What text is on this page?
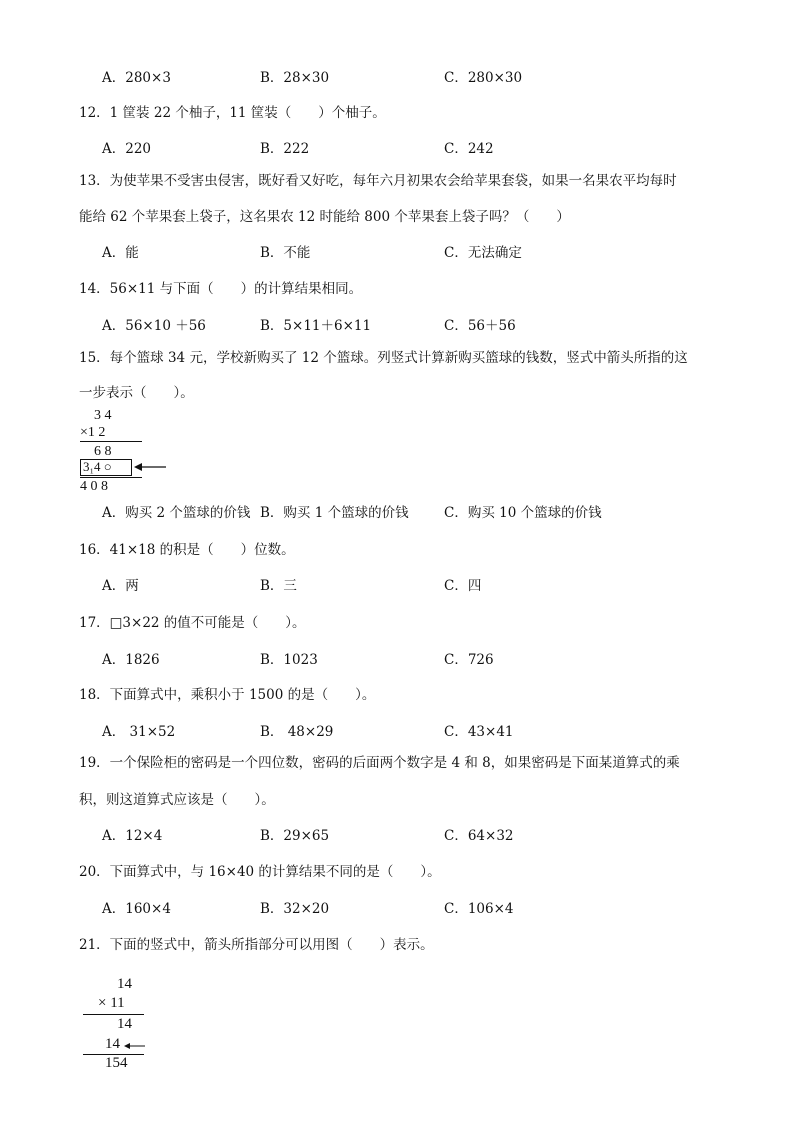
A．280×3	B．28×30	C．280×30
12．1 筐装 22 个柚子，11 筐装（　　）个柚子。
A．220	B．222	C．242
13．为使苹果不受害虫侵害，既好看又好吃，每年六月初果农会给苹果套袋，如果一名果农平均每时
能给 62 个苹果套上袋子，这名果农 12 时能给 800 个苹果套上袋子吗？（　　）
A．能	B．不能	C．无法确定
14．56×11 与下面（　　）的计算结果相同。
A．56×10 ＋56	B．5×11＋6×11	C．56＋56
15．每个篮球 34 元，学校新购买了 12 个篮球。列竖式计算新购买篮球的钱数，竖式中箭头所指的这
一步表示（　　）。
3 4
×1 2
6 8
3₁4 ○
4 0 8
A．购买 2 个篮球的价钱 B．购买 1 个篮球的价钱	C．购买 10 个篮球的价钱
16．41×18 的积是（　　）位数。
A．两	B．三	C．四
17．□3×22 的值不可能是（　　）。
A．1826	B．1023	C．726
18．下面算式中，乘积小于 1500 的是（　　）。
A． 31×52	B． 48×29	C．43×41
19．一个保险柜的密码是一个四位数，密码的后面两个数字是 4 和 8，如果密码是下面某道算式的乘
积，则这道算式应该是（　　）。
A．12×4	B．29×65	C．64×32
20．下面算式中，与 16×40 的计算结果不同的是（　　）。
A．160×4	B．32×20	C．106×4
21．下面的竖式中，箭头所指部分可以用图（　　）表示。
14
× 11
14
14
154
